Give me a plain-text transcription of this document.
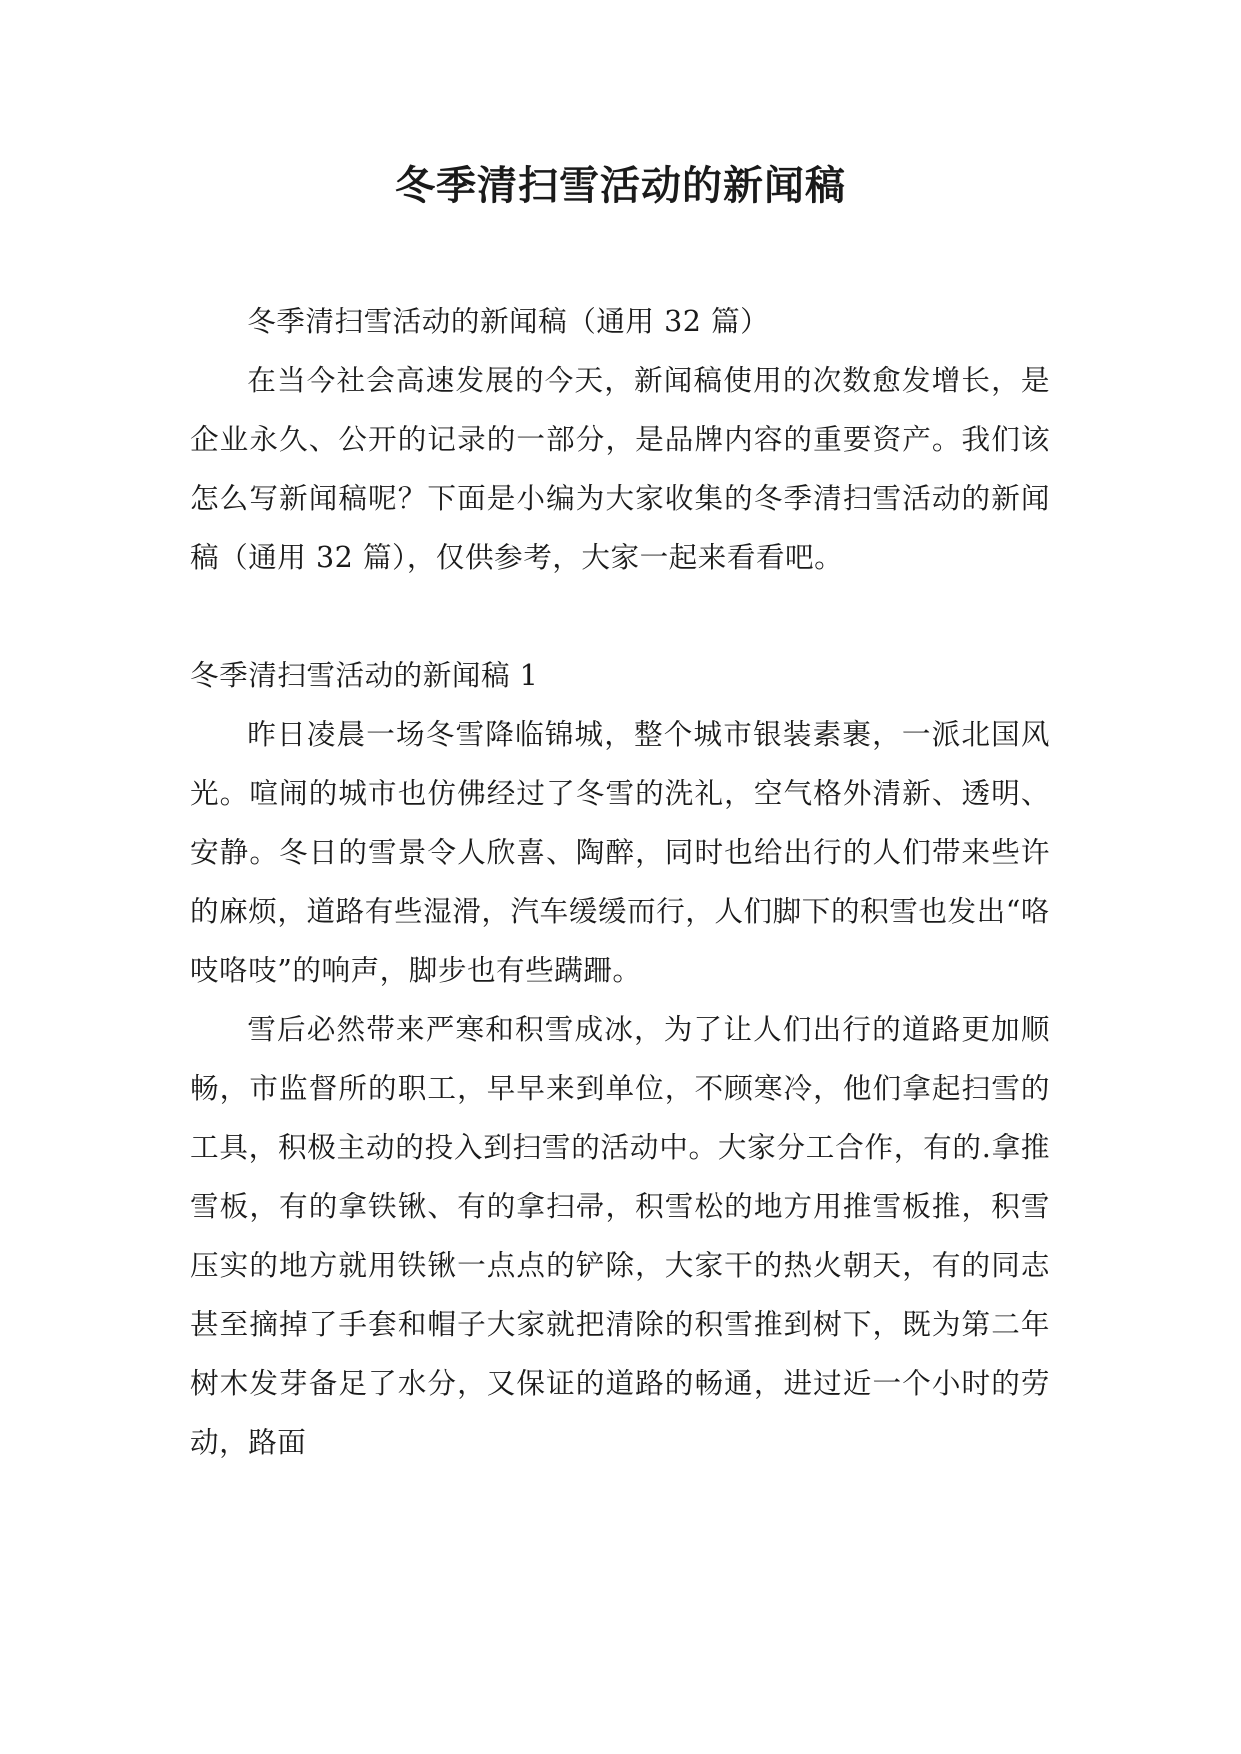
冬季清扫雪活动的新闻稿

冬季清扫雪活动的新闻稿（通用 32 篇）

在当今社会高速发展的今天，新闻稿使用的次数愈发增长，是企业永久、公开的记录的一部分，是品牌内容的重要资产。我们该怎么写新闻稿呢？下面是小编为大家收集的冬季清扫雪活动的新闻稿（通用 32 篇），仅供参考，大家一起来看看吧。

冬季清扫雪活动的新闻稿 1

昨日凌晨一场冬雪降临锦城，整个城市银装素裹，一派北国风光。喧闹的城市也仿佛经过了冬雪的洗礼，空气格外清新、透明、安静。冬日的雪景令人欣喜、陶醉，同时也给出行的人们带来些许的麻烦，道路有些湿滑，汽车缓缓而行，人们脚下的积雪也发出“咯吱咯吱”的响声，脚步也有些蹒跚。

雪后必然带来严寒和积雪成冰，为了让人们出行的道路更加顺畅，市监督所的职工，早早来到单位，不顾寒冷，他们拿起扫雪的工具，积极主动的投入到扫雪的活动中。大家分工合作，有的.拿推雪板，有的拿铁锹、有的拿扫帚，积雪松的地方用推雪板推，积雪压实的地方就用铁锹一点点的铲除，大家干的热火朝天，有的同志甚至摘掉了手套和帽子大家就把清除的积雪推到树下，既为第二年树木发芽备足了水分，又保证的道路的畅通，进过近一个小时的劳动，路面
